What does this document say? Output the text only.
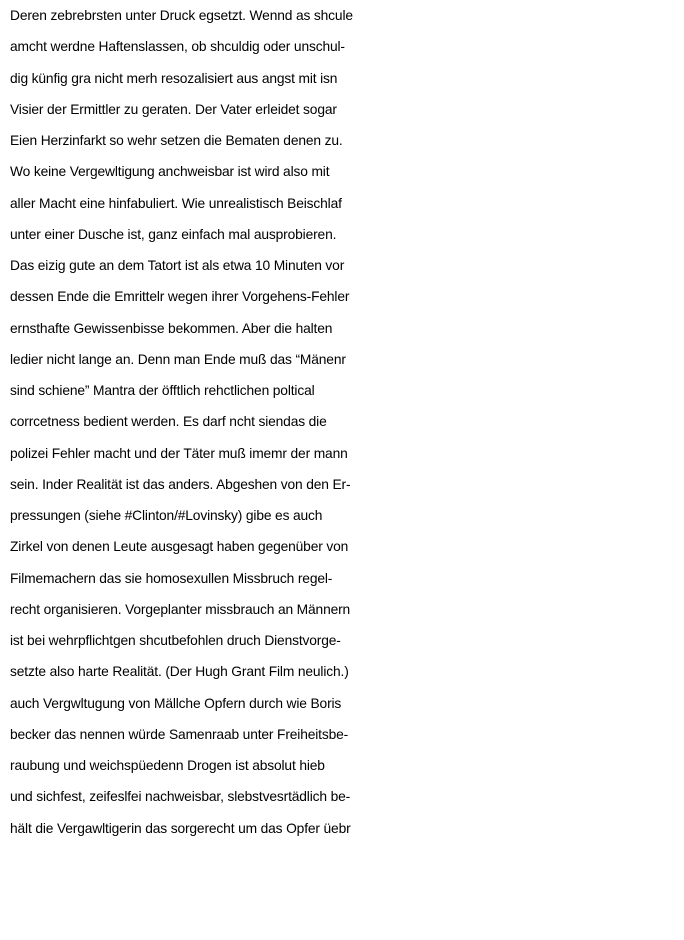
Deren zebrebrsten unter Druck egsetzt. Wennd as shcule
amcht werdne Haftenslassen, ob shculdig oder unschul-
dig künfig gra nicht merh resozalisiert aus angst mit isn
Visier der Ermittler zu geraten. Der Vater erleidet sogar
Eien Herzinfarkt so wehr setzen die Bematen denen zu.
Wo keine Vergewltigung anchweisbar ist wird also mit
aller Macht eine hinfabuliert. Wie unrealistisch Beischlaf
unter einer Dusche ist, ganz einfach mal ausprobieren.
Das eizig gute an dem Tatort ist als etwa 10 Minuten vor
dessen Ende die Emrittelr wegen ihrer Vorgehens-Fehler
ernsthafte Gewissenbisse bekommen. Aber die halten
ledier nicht lange an. Denn man Ende muß das “Mänenr
sind schiene” Mantra der öfftlich rehctlichen poltical
corrcetness bedient werden. Es darf ncht siendas die
polizei Fehler macht und der Täter muß imemr der mann
sein. Inder Realität ist das anders. Abgeshen von den Er-
pressungen (siehe #Clinton/#Lovinsky) gibe es auch
Zirkel von denen Leute ausgesagt haben gegenüber von
Filmemachern das sie homosexullen Missbruch regel-
recht organisieren. Vorgeplanter missbrauch an Männern
ist bei wehrpflichtgen shcutbefohlen druch Dienstvorge-
setzte also harte Realität. (Der Hugh Grant Film neulich.)
auch Vergwltugung von Mällche Opfern durch wie Boris
becker das nennen würde Samenraab unter Freiheitsbe-
raubung und weichspüedenn Drogen ist absolut hieb
und sichfest, zeifeslfei nachweisbar, slebstvesrtädlich be-
hält die Vergawltigerin das sorgerecht um das Opfer üebr
